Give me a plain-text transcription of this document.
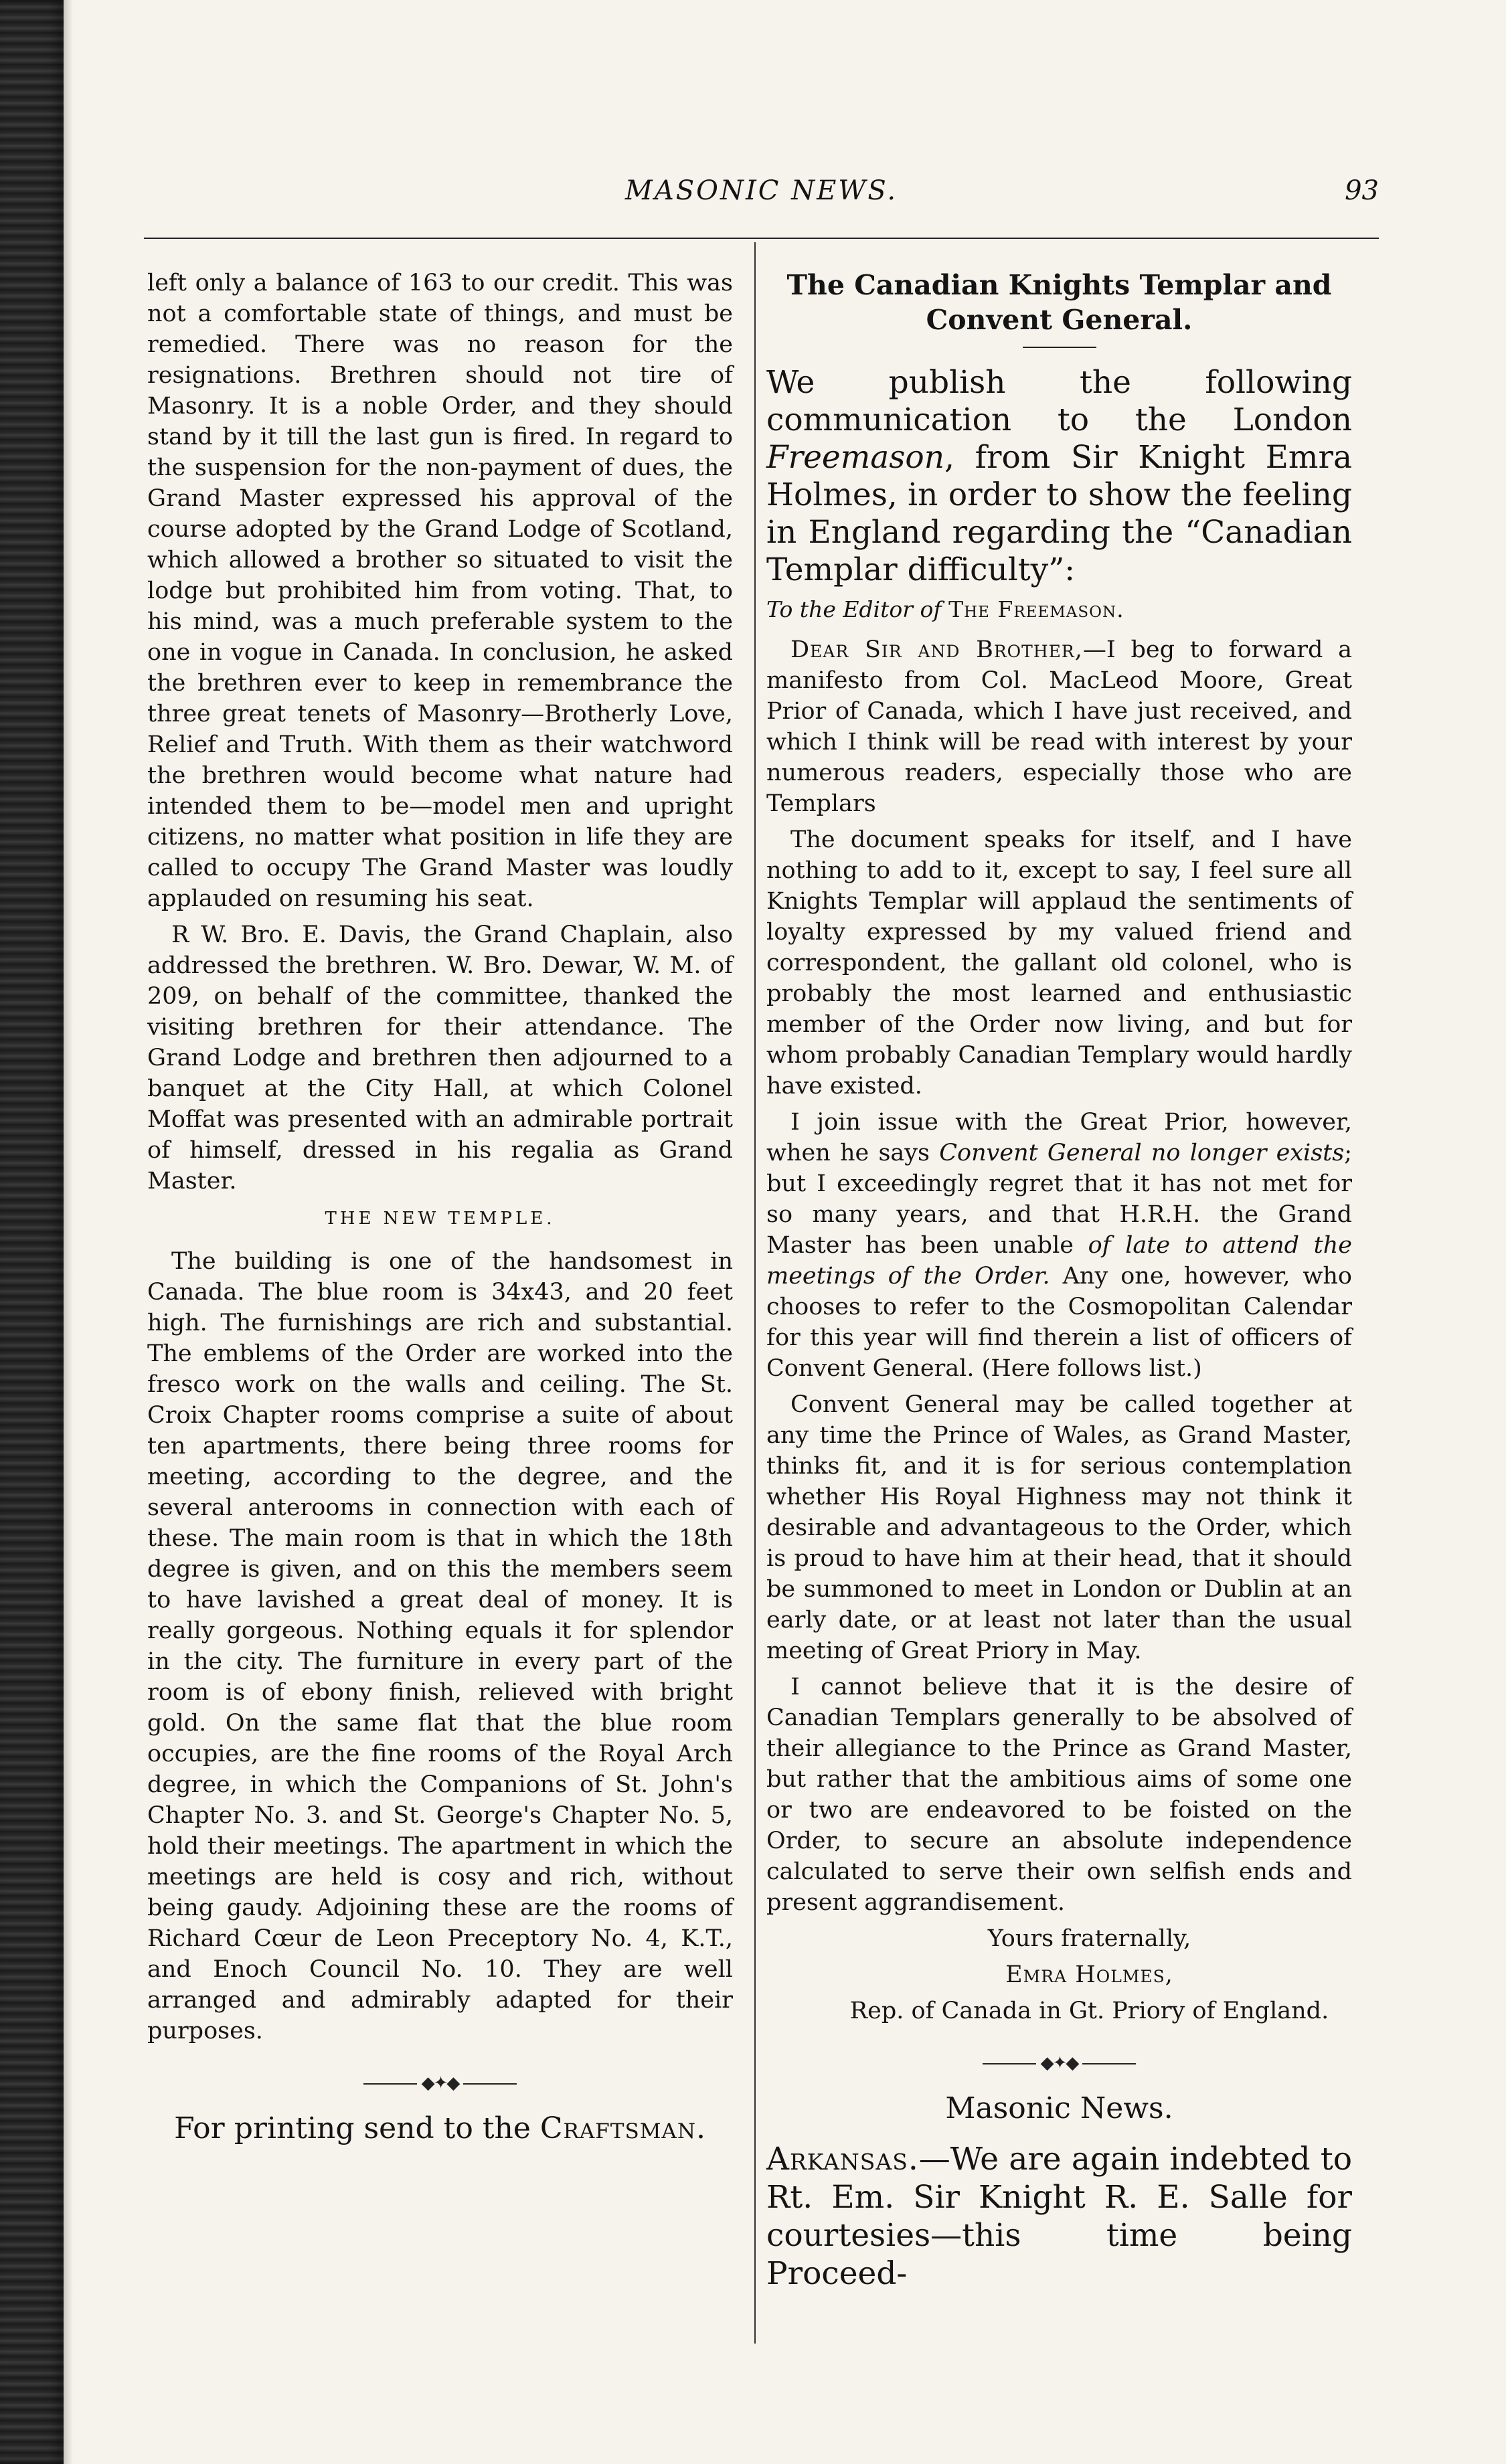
MASONIC NEWS.	93

left only a balance of 163 to our credit. This was not a comfortable state of things, and must be remedied. There was no reason for the resignations. Brethren should not tire of Masonry. It is a noble Order, and they should stand by it till the last gun is fired. In regard to the suspension for the non-payment of dues, the Grand Master expressed his approval of the course adopted by the Grand Lodge of Scotland, which allowed a brother so situated to visit the lodge but prohibited him from voting. That, to his mind, was a much preferable system to the one in vogue in Canada. In conclusion, he asked the brethren ever to keep in remembrance the three great tenets of Masonry—Brotherly Love, Relief and Truth. With them as their watchword the brethren would become what nature had intended them to be—model men and upright citizens, no matter what position in life they are called to occupy The Grand Master was loudly applauded on resuming his seat.

R W. Bro. E. Davis, the Grand Chaplain, also addressed the brethren. W. Bro. Dewar, W. M. of 209, on behalf of the committee, thanked the visiting brethren for their attendance. The Grand Lodge and brethren then adjourned to a banquet at the City Hall, at which Colonel Moffat was presented with an admirable portrait of himself, dressed in his regalia as Grand Master.

THE NEW TEMPLE.

The building is one of the handsomest in Canada. The blue room is 34x43, and 20 feet high. The furnishings are rich and substantial. The emblems of the Order are worked into the fresco work on the walls and ceiling. The St. Croix Chapter rooms comprise a suite of about ten apartments, there being three rooms for meeting, according to the degree, and the several anterooms in connection with each of these. The main room is that in which the 18th degree is given, and on this the members seem to have lavished a great deal of money. It is really gorgeous. Nothing equals it for splendor in the city. The furniture in every part of the room is of ebony finish, relieved with bright gold. On the same flat that the blue room occupies, are the fine rooms of the Royal Arch degree, in which the Companions of St. John's Chapter No. 3. and St. George's Chapter No. 5, hold their meetings. The apartment in which the meetings are held is cosy and rich, without being gaudy. Adjoining these are the rooms of Richard Cœur de Leon Preceptory No. 4, K.T., and Enoch Council No. 10. They are well arranged and admirably adapted for their purposes.

◆✦◆
For printing send to the Craftsman.
The Canadian Knights Templar and Convent General.

We publish the following communication to the London Freemason, from Sir Knight Emra Holmes, in order to show the feeling in England regarding the “Canadian Templar difficulty”:

To the Editor of The Freemason.

Dear Sir and Brother,—I beg to forward a manifesto from Col. MacLeod Moore, Great Prior of Canada, which I have just received, and which I think will be read with interest by your numerous readers, especially those who are Templars

The document speaks for itself, and I have nothing to add to it, except to say, I feel sure all Knights Templar will applaud the sentiments of loyalty expressed by my valued friend and correspondent, the gallant old colonel, who is probably the most learned and enthusiastic member of the Order now living, and but for whom probably Canadian Templary would hardly have existed.

I join issue with the Great Prior, however, when he says Convent General no longer exists; but I exceedingly regret that it has not met for so many years, and that H.R.H. the Grand Master has been unable of late to attend the meetings of the Order. Any one, however, who chooses to refer to the Cosmopolitan Calendar for this year will find therein a list of officers of Convent General. (Here follows list.)

Convent General may be called together at any time the Prince of Wales, as Grand Master, thinks fit, and it is for serious contemplation whether His Royal Highness may not think it desirable and advantageous to the Order, which is proud to have him at their head, that it should be summoned to meet in London or Dublin at an early date, or at least not later than the usual meeting of Great Priory in May.

I cannot believe that it is the desire of Canadian Templars generally to be absolved of their allegiance to the Prince as Grand Master, but rather that the ambitious aims of some one or two are endeavored to be foisted on the Order, to secure an absolute independence calculated to serve their own selfish ends and present aggrandisement.

Yours fraternally,

Emra Holmes,

Rep. of Canada in Gt. Priory of England.

◆✦◆
Masonic News.

Arkansas.—We are again indebted to Rt. Em. Sir Knight R. E. Salle for courtesies—this time being Proceed-
